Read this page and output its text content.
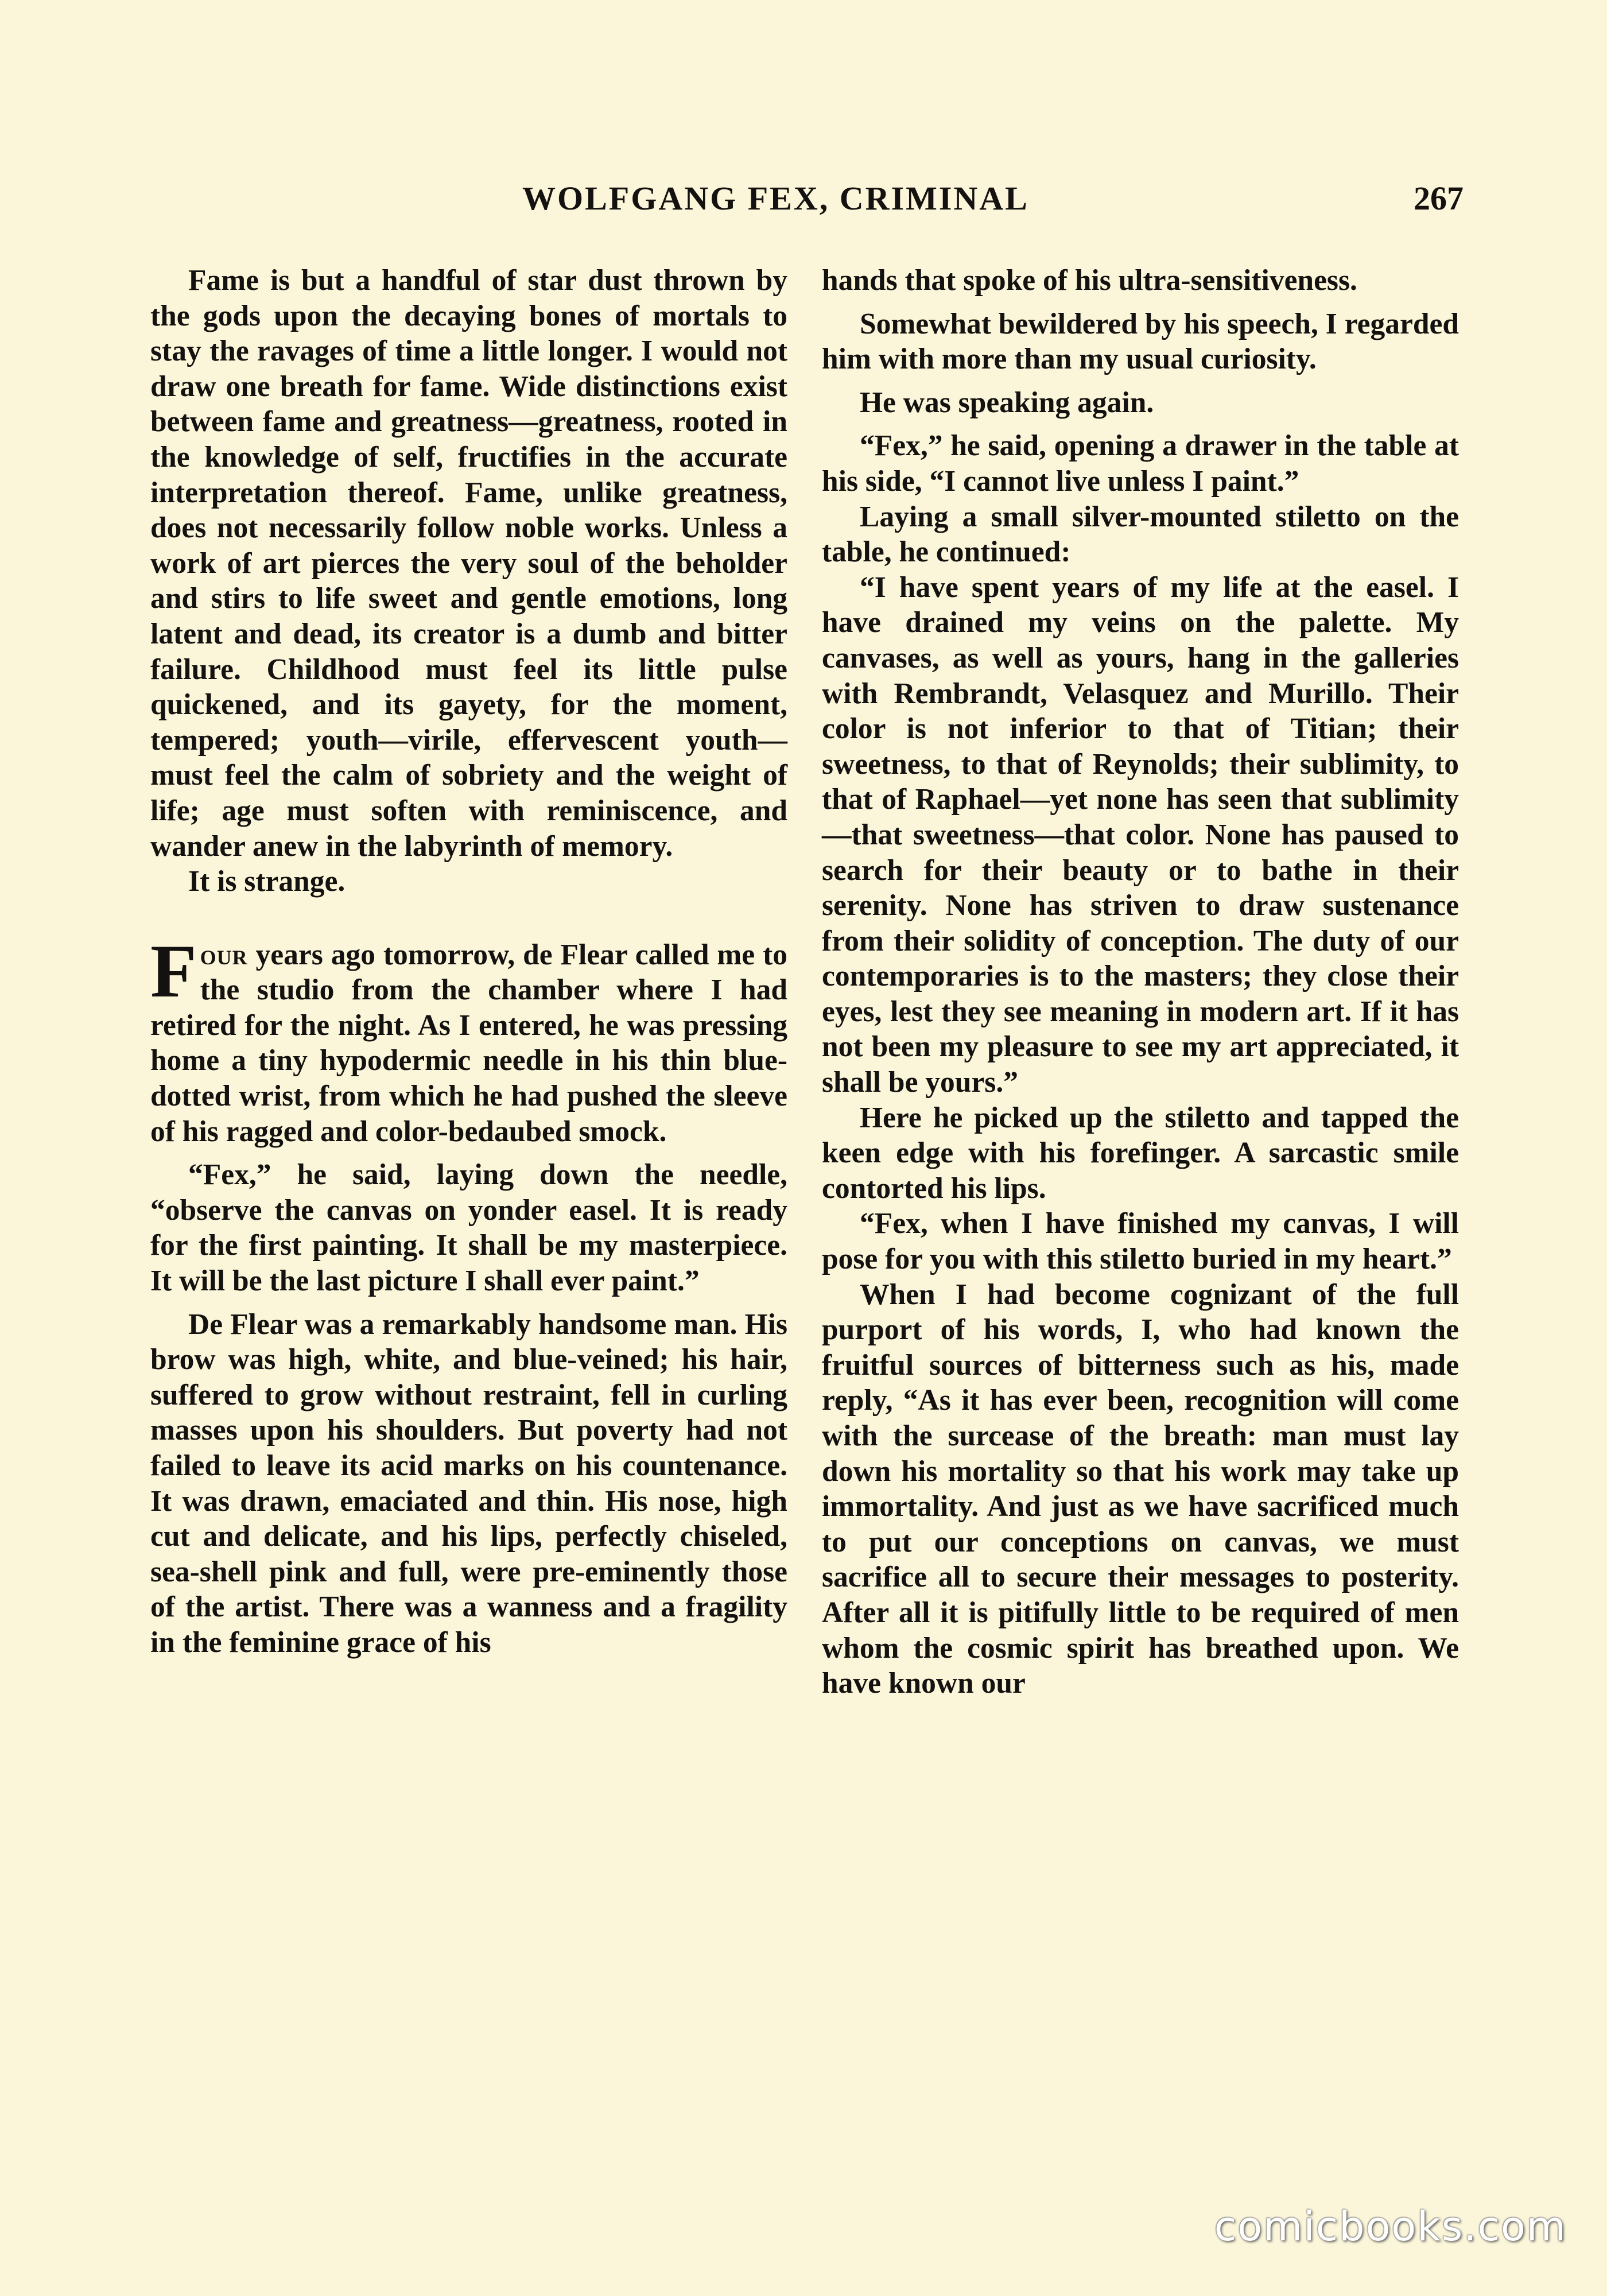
WOLFGANG FEX, CRIMINAL	267

Fame is but a handful of star dust thrown by the gods upon the decaying bones of mortals to stay the ravages of time a little longer. I would not draw one breath for fame. Wide distinctions exist between fame and greatness—greatness, rooted in the knowledge of self, fructifies in the accurate interpretation thereof. Fame, unlike greatness, does not necessarily follow noble works. Unless a work of art pierces the very soul of the beholder and stirs to life sweet and gentle emotions, long latent and dead, its creator is a dumb and bitter failure. Childhood must feel its little pulse quickened, and its gayety, for the moment, tempered; youth—virile, effervescent youth—must feel the calm of sobriety and the weight of life; age must soften with reminiscence, and wander anew in the labyrinth of memory.

It is strange.

Four years ago tomorrow, de Flear called me to the studio from the chamber where I had retired for the night. As I entered, he was pressing home a tiny hypodermic needle in his thin blue-dotted wrist, from which he had pushed the sleeve of his ragged and color-bedaubed smock.

“Fex,” he said, laying down the needle, “observe the canvas on yonder easel. It is ready for the first painting. It shall be my masterpiece. It will be the last picture I shall ever paint.”

De Flear was a remarkably handsome man. His brow was high, white, and blue-veined; his hair, suffered to grow without restraint, fell in curling masses upon his shoulders. But poverty had not failed to leave its acid marks on his countenance. It was drawn, emaciated and thin. His nose, high cut and delicate, and his lips, perfectly chiseled, sea-shell pink and full, were pre-eminently those of the artist. There was a wanness and a fragility in the feminine grace of his

hands that spoke of his ultra-sensitiveness.

Somewhat bewildered by his speech, I regarded him with more than my usual curiosity.

He was speaking again.

“Fex,” he said, opening a drawer in the table at his side, “I cannot live unless I paint.”

Laying a small silver-mounted stiletto on the table, he continued:

“I have spent years of my life at the easel. I have drained my veins on the palette. My canvases, as well as yours, hang in the galleries with Rembrandt, Velasquez and Murillo. Their color is not inferior to that of Titian; their sweetness, to that of Reynolds; their sublimity, to that of Raphael—yet none has seen that sublimity—that sweetness—that color. None has paused to search for their beauty or to bathe in their serenity. None has striven to draw sustenance from their solidity of conception. The duty of our contemporaries is to the masters; they close their eyes, lest they see meaning in modern art. If it has not been my pleasure to see my art appreciated, it shall be yours.”

Here he picked up the stiletto and tapped the keen edge with his forefinger. A sarcastic smile contorted his lips.

“Fex, when I have finished my canvas, I will pose for you with this stiletto buried in my heart.”

When I had become cognizant of the full purport of his words, I, who had known the fruitful sources of bitterness such as his, made reply, “As it has ever been, recognition will come with the surcease of the breath: man must lay down his mortality so that his work may take up immortality. And just as we have sacrificed much to put our conceptions on canvas, we must sacrifice all to secure their messages to posterity. After all it is pitifully little to be required of men whom the cosmic spirit has breathed upon. We have known our

comicbooks.com
